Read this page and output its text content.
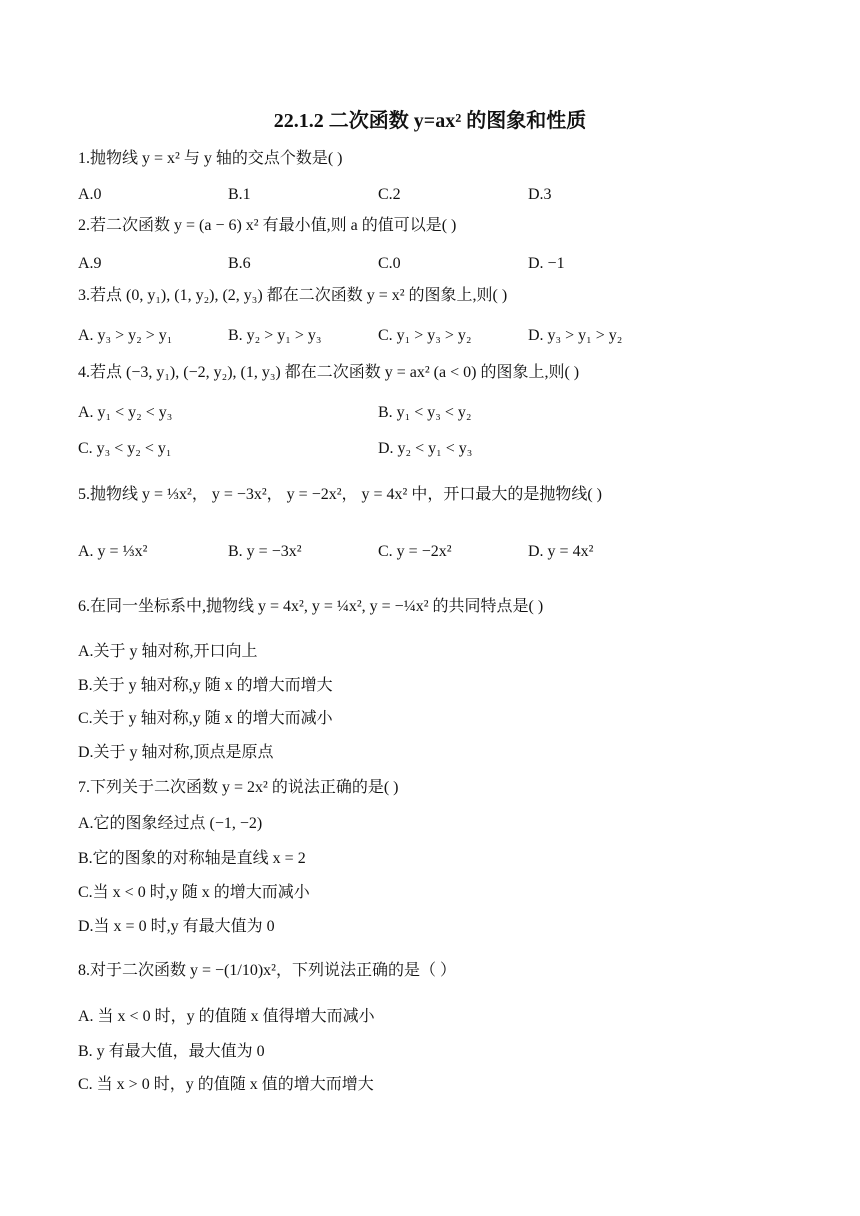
22.1.2 二次函数 y=ax² 的图象和性质
1.抛物线 y = x² 与 y 轴的交点个数是( )
A.0	B.1	C.2	D.3
2.若二次函数 y = (a − 6) x² 有最小值,则 a 的值可以是( )
A.9	B.6	C.0	D. −1
3.若点 (0, y₁), (1, y₂), (2, y₃) 都在二次函数 y = x² 的图象上,则( )
A. y₃ > y₂ > y₁	B. y₂ > y₁ > y₃	C. y₁ > y₃ > y₂	D. y₃ > y₁ > y₂
4.若点 (−3, y₁), (−2, y₂), (1, y₃) 都在二次函数 y = ax² (a < 0) 的图象上,则( )
A. y₁ < y₂ < y₃	B. y₁ < y₃ < y₂
C. y₃ < y₂ < y₁	D. y₂ < y₁ < y₃
5.抛物线 y = ⅓x²， y = −3x²， y = −2x²， y = 4x² 中，开口最大的是抛物线( )
A. y = ⅓x²	B. y = −3x²	C. y = −2x²	D. y = 4x²
6.在同一坐标系中,抛物线 y = 4x², y = ¼x², y = −¼x² 的共同特点是( )
A.关于 y 轴对称,开口向上
B.关于 y 轴对称,y 随 x 的增大而增大
C.关于 y 轴对称,y 随 x 的增大而减小
D.关于 y 轴对称,顶点是原点
7.下列关于二次函数 y = 2x² 的说法正确的是( )
A.它的图象经过点 (−1, −2)
B.它的图象的对称轴是直线 x = 2
C.当 x < 0 时,y 随 x 的增大而减小
D.当 x = 0 时,y 有最大值为 0
8.对于二次函数 y = −(1/10)x²，下列说法正确的是（ ）
A. 当 x < 0 时，y 的值随 x 值得增大而减小
B. y 有最大值，最大值为 0
C. 当 x > 0 时，y 的值随 x 值的增大而增大
